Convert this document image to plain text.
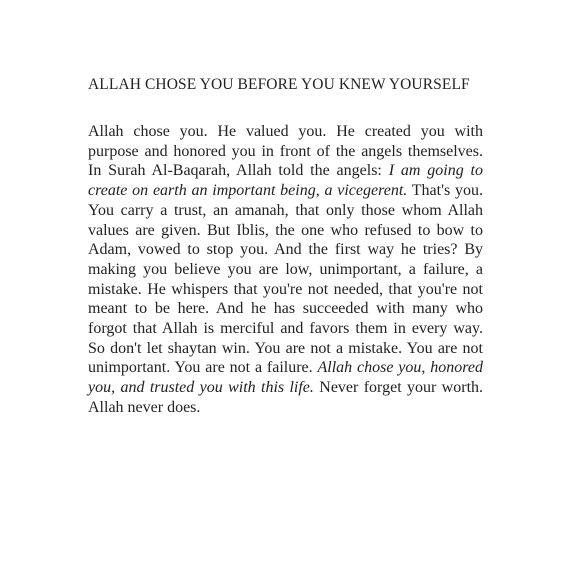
ALLAH CHOSE YOU BEFORE YOU KNEW YOURSELF

Allah chose you. He valued you. He created you with purpose and honored you in front of the angels themselves. In Surah Al-Baqarah, Allah told the angels: I am going to create on earth an important being, a vicegerent. That's you. You carry a trust, an amanah, that only those whom Allah values are given. But Iblis, the one who refused to bow to Adam, vowed to stop you. And the first way he tries? By making you believe you are low, unimportant, a failure, a mistake. He whispers that you're not needed, that you're not meant to be here. And he has succeeded with many who forgot that Allah is merciful and favors them in every way. So don't let shaytan win. You are not a mistake. You are not unimportant. You are not a failure. Allah chose you, honored you, and trusted you with this life. Never forget your worth. Allah never does.
